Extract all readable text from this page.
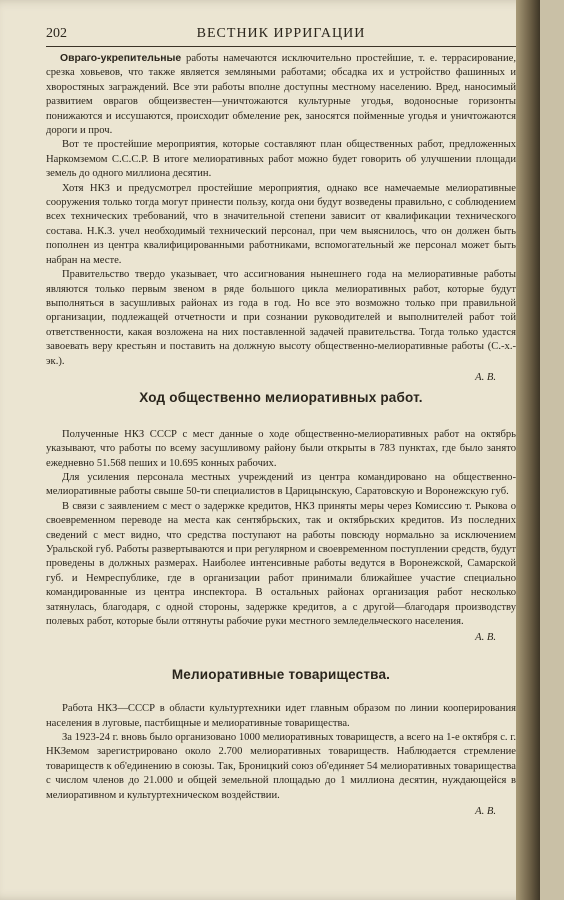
202	ВЕСТНИК ИРРИГАЦИИ

Оврaго-укрепительные работы намечаются исключительно простейшие, т. е. террасирование, срезка ховьевов, что также является земляными работами; обсадка их и устройство фашинных и хворостяных заграждений. Все эти работы вполне доступны местному населению. Вред, наносимый развитием оврагов общеизвестен—уничтожаются культурные угодья, водоносные горизонты понижаются и иссушаются, происходит обмеление рек, заносятся поймeнные угодья и уничтожаются дороги и проч.

Вот те простейшие мероприятия, которые составляют план общественных работ, предложенных Наркомземом С.С.С.Р. В итоге мелиоративных работ можно будет говорить об улучшении площади земель до одного миллиона десятин.

Хотя НКЗ и предусмотрел простейшие мероприятия, однако все намечаемые мелиоративные сооружения только тогда могут принести пользу, когда они будут возведены правильно, с соблюдением всех технических требований, что в значительной степени зависит от квалификации технического состава. Н.К.З. учел необходимый технический персонал, при чем выяснилось, что он должен быть пополнен из центра квалифицированными работниками, вспомогательный же персонал может быть набран на месте.

Правительство твердо указывает, что ассигнования нынешнего года на мелиоративные работы являются только первым звеном в ряде большого цикла мелиоративных работ, которые будут выполняться в засушливых районах из года в год. Но все это возможно только при правильной организации, подлежащей отчетности и при сознании руководителей и выполнителей работ той ответственности, какая возложена на них поставленной задачей правительства. Тогда только удастся завоевать веру крестьян и поставить на должную высоту общественно-мелиоративные работы (С.-х.-эк.).

А. В.
Ход общественно мелиоративных работ.

Полученные НКЗ СССР с мест данные о ходе общественно-мелиоративных работ на октябрь указывают, что работы по всему засушливому району были открыты в 783 пунктах, где было занято ежедневно 51.568 пеших и 10.695 конных рабочих.

Для усиления персонала местных учреждений из центра командировано на общественно-мелиоративные работы свыше 50-ти специалистов в Царицынскую, Саратовскую и Воронежскую губ.

В связи с заявлением с мест о задержке кредитов, НКЗ приняты меры через Комиссию т. Рыкова о своевременном переводе на места как сентябрьских, так и октябрьских кредитов. Из последних сведений с мест видно, что средства поступают на работы повсюду нормально за исключением Уральской губ. Работы развертываются и при регулярном и своевременном поступлении средств, будут проведены в должных размерах. Наиболее интенсивные работы ведутся в Воронежской, Самарской губ. и Немреспублике, где в организации работ принимали ближайшее участие специально командированные из центра инспектора. В остальных районах организация работ несколько затянулась, благодаря, с одной стороны, задержке кредитов, а с другой—благодаря производству полевых работ, которые были оттянуты рабочие руки местного земледельческого населения.

А. В.
Мелиоративные товарищества.

Работа НКЗ—СССР в области культуртехники идет главным образом по линии кооперирования населения в луговые, пастбищные и мелиоративные товарищества.

За 1923-24 г. вновь было организовано 1000 мелиоративных товариществ, а всего на 1-е октября с. г. НКЗемом зарегистрировано около 2.700 мелиоративных товариществ. Наблюдается стремление товариществ к об'единению в союзы. Так, Броницкий союз об'единяет 54 мелиоративных товарищества с числом членов до 21.000 и общей земельной площадью до 1 миллиона десятин, нуждающейся в мелиоративном и культуртехническом воздействии.

А. В.
